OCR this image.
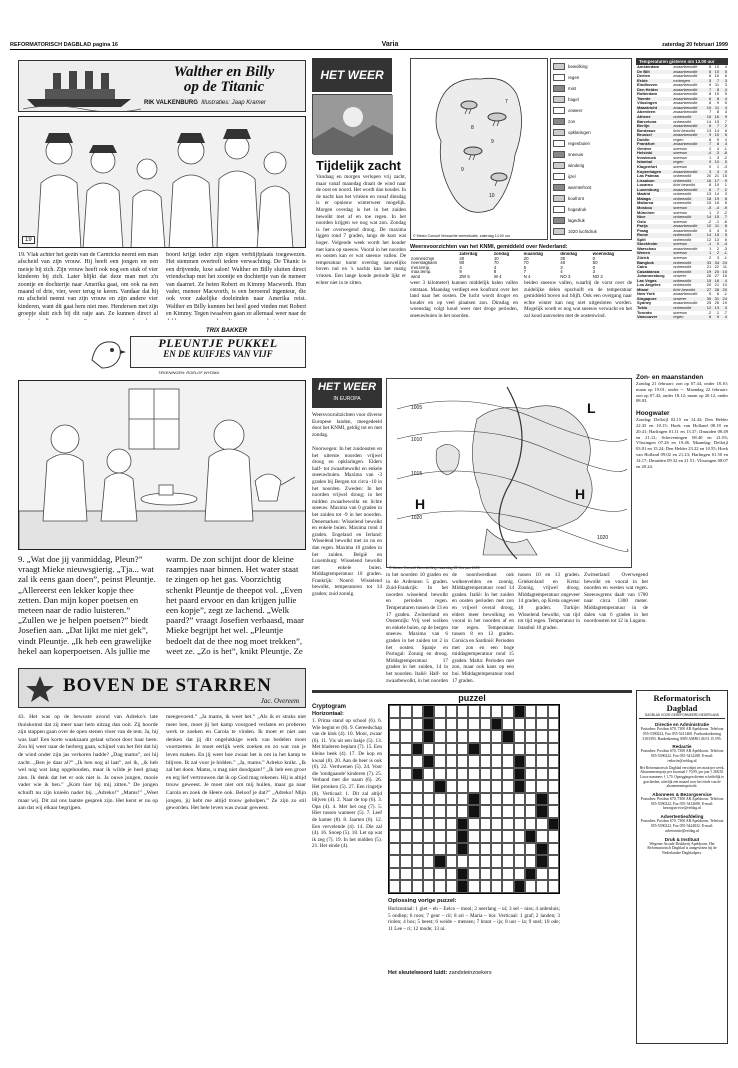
REFORMATORISCH DAGBLAD pagina 16	Varia	zaterdag 20 februari 1999
Walther en Billy
op de Titanic
RIK VALKENBURG Illustraties: Jaap Kramer
19
19. Vlak achter het gezin van de Carnricks neemt een man afscheid van zijn vrouw. Hij heeft een jongen en een meisje bij zich. Zijn vrouw heeft ook nog een stuk of vier kinderen bij zich. Later blijkt dat deze man met z'n zoontje en dochtertje naar Amerika gaat, om ook na een maand of drie, vier, weer terug te keren. Vandaar dat hij nu afscheid neemt van zijn vrouw en zijn andere vier kinderen, want dit gaat hem niet mee. Hendersen met zijn groepje sluit zich bij dit ratje aan. Ze kunnen direct al
boord krijgt ieder zijn eigen verblijfplaats toegewezen. Het stemmen overtreft iedere verwachting. De Titanic is een drijvende, luxe salon! Walther en Billy sluiten direct vriendschap met het zoontje en dochtertje van de meneer van daarnet. Ze heten Robert en Kimmy Macworth. Hun vader, meneer Macworth, is een beroemd ingenieur, die ook voor zakelijke doeleinden naar Amerika reist. Walther en Billy kunnen het heel goed vinden met Robert en Kimmy. Tegen twaalven gaan ze allemaal weer naar de
TRIX BAKKER
PLEUNTJE PUKKEL
EN DE KUIFJES VAN VIJF
TEKENINGEN: ROELOF WYDMA
9. „Wat doe jij vanmiddag, Pleun?” vraagt Mieke nieuwsgierig. „Tja... wat zal ik eens gaan doen”, peinst Pleuntje. „Allereerst een lekker kopje thee zetten. Dan mijn koper poetsen en meteen naar de radio luisteren.” „Zullen we je helpen poetsen?” biedt Josefien aan. „Dat lijkt me niet gek”, vindt Pleuntje. „Ik heb een grawelijke hekel aan koperpoetsen. Als jullie me
warm. De zon schijnt door de kleine raampjes naar binnen. Het water staat te zingen op het gas. Voorzichtig schenkt Pleuntje de theepot vol. „Even het paard ervoor en dan krijgen jullie een kopje”, zegt ze lachend. „Welk paard?” vraagt Josefien verbaasd, maar Mieke begrijpt het wel. „Pleuntje bedoelt dat de thee nog moet trekken”, weet ze. „Zo is het”, knikt Pleuntje. Ze
BOVEN DE STARREN
Jac. Overeem
43. Het was op de bewuste avond van Adreko's late thuiskomst dat zij meer naar hem uitzag dan ooit. Zij hoorde zijn stappen gaan over de open stenen vloer van de tent. Ja, hij was laat! Een korte waakzaam gelaat schoot door haar heen. Zou hij weer naar de herberg gaan, schijnel van het feit dat hij de wind onder zijn jas verkoren hadde? „Dag mams”, zei hij zacht. „Ben je daar al?” „Ik ben nog al laat”, zei ik, „ik heb wel nog wat lang opgehouden, maar ik wilde je heel graag zien. Ik denk dat het er ook niet is. Ja ouwe jongen, mooie vader wie ik ben.” „Kom hier bij mij zitten.” De jongen schuift nu zijn knieën nader bij. „Adreko!” „Mams!” „Weet maar wij. Dit zal ons laatste gesprek zijn. Het kerst er nu op aan dat wij elkaar begrijpen.
meegevoerd.” „Ja mams, ik weet het.” „Als ik er straks niet meer ben, moet jij het kamp voorgoed verlaten en proberen werk te zoeken en Carola te vinden. Ik moet er niet aan denken dat jij dit ongelukkige werk van bedelen moet voortzetten. Je moet eerlijk werk zoeken en zo wat van je leven maken. En jij weet hoe zwaar het is om in het kamp te blijven. Ik zal voor je bidden.” „Ja, mams.” Adreko knikt. „Ik zal het doen. Mams, u mag niet doodgaan!” „Ik heb een groot en erg lief vertrouwen dat ik op God mag rekenen. Hij is altijd trouw geweest. Je moet niet om mij huilen, maar ga naar Carola en zoek de Heere ook. Beloof je dat?” „Adreko! Mijn jongen, jij hebt me altijd trouw geholpen.” Ze zijn zo stil geworden. Het hele leven was zwaar geweest.
HET WEER
Tijdelijk zacht
Vandaag en morgen verlopen vrij zacht, maar vanaf maandag draait de wind naar de oost en noord. Het wordt dan kouder. In de nacht kan het vriezen en vanaf dinsdag is er opnieuw winterweer mogelijk. Morgen overdag is het in het zuiden bewolkt met af en toe regen. In het noorden krijgen we nog wat zon. Zondag is het overwegend droog. De maxima liggen rond 7 graden, langs de kust wat hoger. Volgende week wordt het kouder met kans op sneeuw. Vooral in het noorden en oosten kan er wat sneeuw vallen. De temperatuur komt overdag nauwelijks boven nul en 's nachts kan het matig vriezen. Een lange koude periode lijkt er echter niet in te zitten.
8
9
9
10
7
© Meteo Consult Verwachte weersituatie, zaterdag 14.00 uur
bewolking
regen
mist
hagel
onweer
zon
opklaringen
regenbuien
sneeuw
winderig
ijzel
warmtefront
koufront
hogedruk
lagedruk
1020 luchtdruk
Weersvoorzichten van het KNMI, gemiddeld over Nederland:
	zaterdag	zondag	maandag	dinsdag	woensdag
zonneschijn	20	10	20	30	0
neerslagkans	80	70	70	40	50
min.temp.	4	4	5	3	0
max.temp.	9	8	7	4	3
wind	ZW 5	W 4	N 4	NO 3	NO 2
weer 3 kilometer) kunnen middelijk balen vallen ontstaan. Maandag verdiept een koufront over het land naar het oosten. De lucht wordt droger en kouder en op veel plaatsen zon. Dinsdag en woensdag volgt koud weer met droge perioden, sneeuwbuien in het noorden.
beiden sneeuw vallen, waarbij de vorst over de zuidelijke delen opschuift en de temperatuur gemiddeld boven nul blijft. Ook een overgang naar echte winter kan nog niet uitgesloten worden. Mogelijk wordt er nog wat sneeuw verwacht en het zal koud aanvoelen met de oostenwind.
Temperaturen gisteren om 13.00 uur
Amsterdam	zwaarbewolkt	8	10	4
De Bilt	zwaarbewolkt	8	10	5
Deelen	zwaarbewolkt	8	10	6
Eelde	motregen	5	7	3
Eindhoven	zwaarbewolkt	9	11	3
Den Helder	zwaarbewolkt	7	8	4
Rotterdam	zwaarbewolkt	8	10	5
Twente	zwaarbewolkt	6	8	4
Vlissingen	zwaarbewolkt	8	9	5
Maastricht	zwaarbewolkt	10	11	4
Aberdeen	zwaarbewolkt	7	8	3
Athene	onbewolkt	15	16	9
Barcelona	onbewolkt	14	15	7
Berlijn	zwaarbewolkt	6	7	2
Bordeaux	licht bewolkt	13	14	6
Brussel	zwaarbewolkt	9	10	5
Dublin	regen	8	9	4
Frankfurt	zwaarbewolkt	7	8	3
Genève	sneeuw	2	4	-1
Helsinki	sneeuw	-4	-3	-8
Innsbruck	sneeuw	1	3	-2
Istanbul	regen	9	10	5
Klagenfurt	sneeuw	0	1	-3
Kopenhagen	zwaarbewolkt	3	4	0
Las Palmas	onbewolkt	20	21	15
Lissabon	onbewolkt	16	17	9
Locarno	licht bewolkt	8	10	1
Luxemburg	zwaarbewolkt	6	7	2
Madrid	onbewolkt	13	14	3
Malaga	onbewolkt	18	19	8
Mallorca	onbewolkt	15	16	6
Moskou	sneeuw	-5	-4	-9
München	sneeuw	1	2	-2
Nice	onbewolkt	14	15	7
Oslo	sneeuw	-2	-1	-6
Parijs	zwaarbewolkt	10	11	6
Praag	zwaarbewolkt	3	4	0
Rome	onbewolkt	14	15	5
Split	onbewolkt	12	13	6
Stockholm	sneeuw	-1	0	-4
Warschau	zwaarbewolkt	1	2	-3
Wenen	sneeuw	1	2	-1
Zürich	sneeuw	2	3	-1
Bangkok	onbewolkt	33	34	24
Cairo	onbewolkt	21	22	11
Casablanca	onbewolkt	19	20	10
Johannesburg	onweer	26	27	15
Las Vegas	onbewolkt	15	16	4
Los Angeles	onbewolkt	20	21	10
Miami	licht bewolkt	27	28	20
New York	zwaarbewolkt	5	6	-1
Singapore	onweer	30	31	24
Sydney	zwaarbewolkt	25	26	19
Tokio	onbewolkt	12	13	3
Toronto	sneeuw	-2	-1	-7
Vancouver	regen	8	9	4
Zon- en maanstanden
Zondag 21 februari: zon op 07.44, onder 18.10; maan op 19.01, onder --. Maandag 22 februari: zon op 07.42, onder 18.12; maan op 20.12, onder 08.03.
Hoogwater
Zondag: Delfzijl 02.15 en 14.43; Den Helder 22.43 en 10.15; Hoek van Holland 08.18 en 20.41; Harlingen 01.11 en 13.37; IJmuiden 08.49 en 21.12; Scheveningen 08.40 en 21.03; Vlissingen 07.26 en 19.46. Maandag: Delfzijl 03.01 en 15.24; Den Helder 23.22 en 10.55; Hoek van Holland 09.02 en 21.23; Harlingen 01.50 en 14.17; IJmuiden 09.32 en 21.51; Vlissingen 08.07 en 20.24.
HET WEER
IN EUROPA
Weersvooruitzichten voor diverse Europese landen, meegedeeld door het KNMI, geldig tot en met zondag.
Noorwegen: In het zuidoosten en het uiterste noorden vrijwel droog en opklaringen. Elders half- tot zwaarbewolkt en enkele sneeuwbuien. Maxima van -3 graden bij Bergen tot circa -10 in het noorden. Zweden: In het noorden vrijwel droog; in het midden zwaarbewolkt en lichte sneeuw. Maxima van 0 graden in het zuiden tot -9 in het noorden. Denemarken: Wisselend bewolkt en enkele buien. Maxima rond 4 graden. Engeland en Ierland: Wisselend bewolkt met zo nu en dan regen. Maxima 10 graden in het zuiden. België en Luxemburg: Wisselend bewolkt met enkele buien. Middagtemperatuur 10 graden. Frankrijk: Noord: Wisselend bewolkt, temperaturen tot 14 graden; zuid zonnig.
H
L
H
1005
1010
1015
1020
1020
© Meteo Consult Weerstelling maandag 22 februari 1999
in het noorden 10 graden en in de Ardennen 5 graden. Zuid-Frankrijk: In het noorden wisselend bewolkt en perioden regen. Temperaturen tussen de 13 en 17 graden. Zwitserland en Oostenrijk: Vrij veel wolken en enkele buien, op de bergen sneeuw. Maxima van 6 graden in het zuiden tot 2 in het oosten. Spanje en Portugal: Zonnig en droog. Middagtemperatuur 17 graden in het zuiden, 14 in het noorden. Italië: Half- tot zwaarbewolkt, in het noorden
de noordwestkust ook wolkenvelden en zonnig. Middagtemperatuur rond 14 graden. Italië: In het zuiden en oosten perioden met zon en vrijwel overal droog, elders meer bewolking en vooral in het noorden af en toe regen. Temperatuur tussen 8 en 12 graden. Corsica en Sardinië: Perioden met zon en een hoge middagtemperatuur rond 15 graden. Malta: Perioden met zon, maar ook kans op een bui. Middagtemperatuur rond 17 graden.
tussen 10 en 13 graden. Griekenland en Kreta: Zonnig, vrijwel droog. Middagtemperatuur ongeveer 14 graden, op Kreta ongeveer 18 graden. Turkije: Wisselend bewolkt, van tijd tot tijd regen. Temperatuur in Istanbul 10 graden.
Zwitserland: Overwegend bewolkt en vooral in het noorden en westen wat regen. Sneeuwgrens daalt van 1700 naar circa 1300 meter. Middagtemperatuur in de dalen van 6 graden in het noordoosten tot 12 in Lugano.
puzzel
Cryptogram
Horizontaal:
1. Prima stand op school (6). 6. Wie begint er (8). 9. Gereedschap van de klok (4). 10. Mooi, zwaar (6). 11. Vis uit een bakje (5). 13. Met bladeren beplant (7). 15. Een kleine beek (4). 17. De kop en kwaal (8). 20. Aan de heer is ook (6). 22. Verdwenen (5). 24. Voor die 'rondgaande' kinderen (7). 25. Verband met die naam (6). 26. Het pronken (5). 27. Een ringetje (8). Verticaal: 1. Dit zal altijd blijven (4). 2. Naar de top (6). 3. Opa (4). 4. Met het oog (7). 5. Hier tussen wanneer (5). 7. Leef de kamer (8). 8. Jaarten (6). 12. Een vervelende (4). 14. Die zal (4). 16. Snoep (5). 18. Let op wat ik zeg (7). 19. In het midden (5). 21. Het einde (4).
Oplossing vorige puzzel:
Horizontaal: 1 glet – eb – Eelco – mooi; 2 neerlang – ui; 3 sel – niss; 4 ardenluis; 5 ondiep; 6 roos; 7 geur – ril; 8 ari – Maria – bor. Verticaal: 1 graf; 2 landen; 3 riolen; 4 bos; 5 beest; 6 weide – mensen; 7 brant – ijs; 8 uur – la; 9 snel; 10 ode; 11 Lee – ri; 12 mode; 13 ui.
Het sleutelwoord luidt: zandsteinzoekers
Reformatorisch Dagblad
DAGBLAD VOOR GEREFORMEERD NEDERLAND
Directie en Administratie
Postadres: Postbus 670, 7300 AR Apeldoorn. Telefoon 055-5390222, Fax 055-5411468. Postbankrekening 3103393. Bankrekening ABN AMRO 46.91.15.595.
Redactie
Postadres: Postbus 670, 7300 AR Apeldoorn. Telefoon 055-5390222. Fax 055-5412288. E-mail: redactie@refdag.nl
Het Reformatorisch Dagblad verschijnt zes maal per week. Abonnementsprijs per kwartaal ƒ 70,99, per jaar ƒ 268,50. Losse nummers ƒ 1,70. Opzeggingen dienen schriftelijk te geschieden, uiterlijk een maand voor het einde van de abonnementsperiode.
Abonnees & Bezorgservice
Postadres: Postbus 670, 7300 AR Apeldoorn. Telefoon 055-5390222, Fax 055-5412688. E-mail: bezorgservice@refdag.nl
Advertentieafdeling
Postadres: Postbus 670, 7300 AR Apeldoorn. Telefoon 055-5390222, Fax 055-5424832. E-mail: advertentie@refdag.nl
Druk & Instituut
Wegener Arcade Drukkerij Apeldoorn. Het Reformatorisch Dagblad is aangesloten bij de Nederlandse Dagbladpers.
